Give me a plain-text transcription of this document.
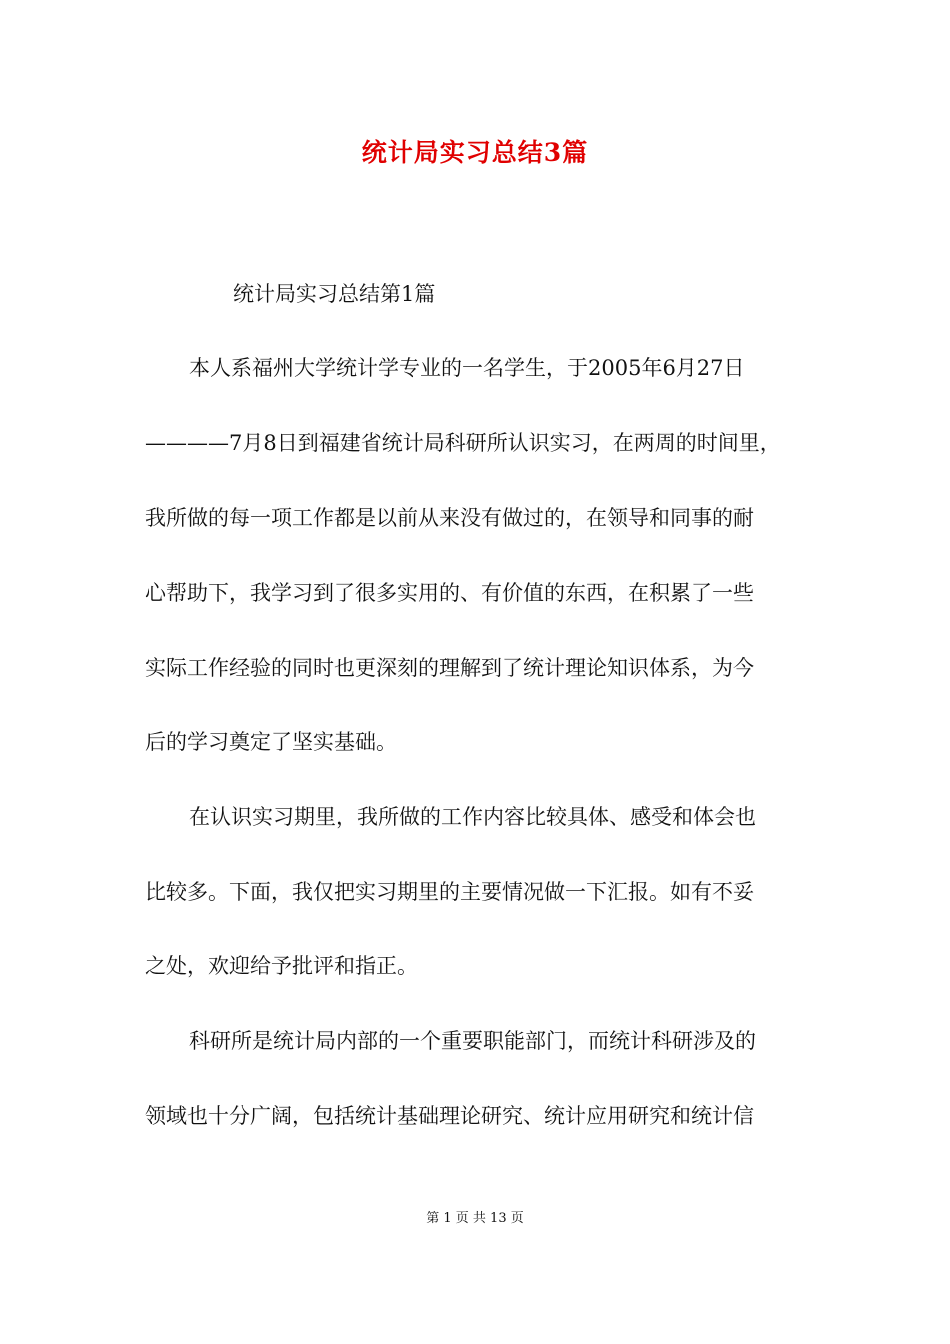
统计局实习总结3篇
统计局实习总结第1篇
本人系福州大学统计学专业的一名学生，于2005年6月27日
————7月8日到福建省统计局科研所认识实习，在两周的时间里，
我所做的每一项工作都是以前从来没有做过的，在领导和同事的耐
心帮助下，我学习到了很多实用的、有价值的东西，在积累了一些
实际工作经验的同时也更深刻的理解到了统计理论知识体系，为今
后的学习奠定了坚实基础。
在认识实习期里，我所做的工作内容比较具体、感受和体会也
比较多。下面，我仅把实习期里的主要情况做一下汇报。如有不妥
之处，欢迎给予批评和指正。
科研所是统计局内部的一个重要职能部门，而统计科研涉及的
领域也十分广阔，包括统计基础理论研究、统计应用研究和统计信
第 1 页 共 13 页
